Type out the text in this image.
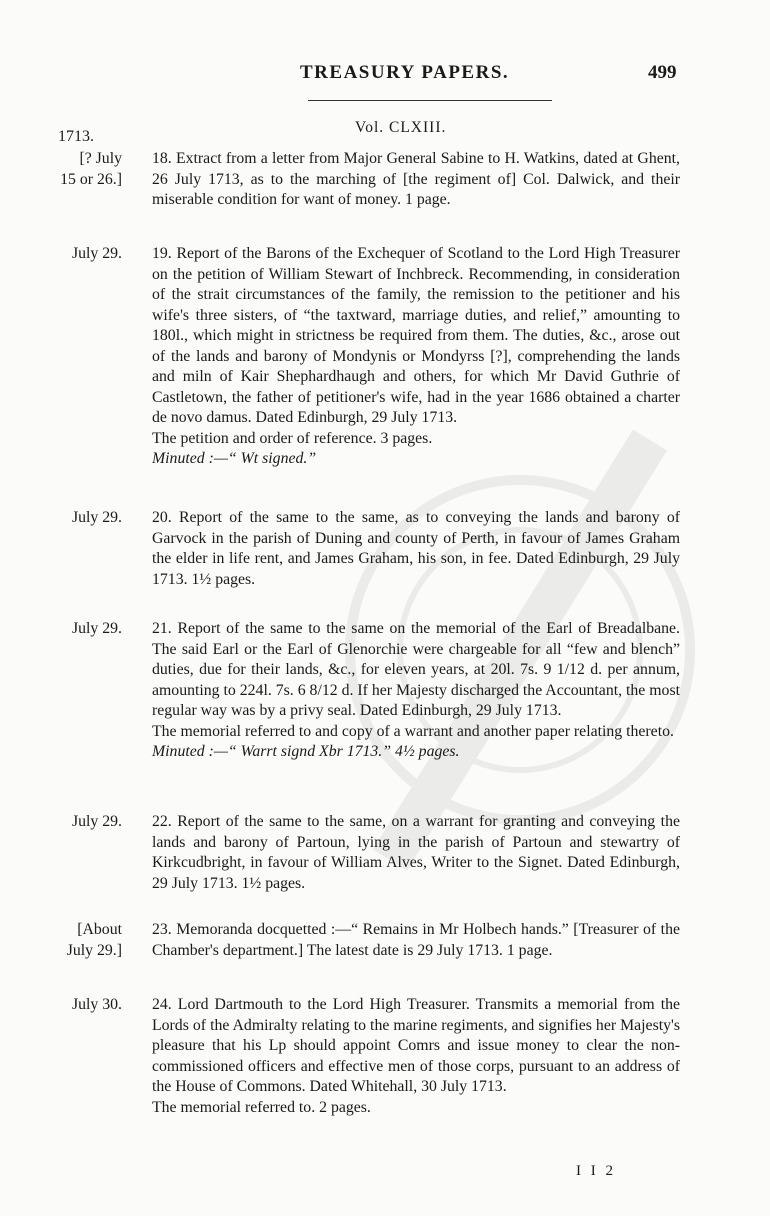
TREASURY PAPERS.	499
Vol. CLXIII.
1713.
[? July
15 or 26.]

18. Extract from a letter from Major General Sabine to H. Watkins, dated at Ghent, 26 July 1713, as to the marching of [the regiment of] Col. Dalwick, and their miserable condition for want of money. 1 page.

July 29. 19. Report of the Barons of the Exchequer of Scotland to the Lord High Treasurer on the petition of William Stewart of Inchbreck. Recommending, in consideration of the strait circumstances of the family, the remission to the petitioner and his wife's three sisters, of “the taxtward, marriage duties, and relief,” amounting to 180l., which might in strictness be required from them. The duties, &c., arose out of the lands and barony of Mondynis or Mondyrss [?], comprehending the lands and miln of Kair Shephardhaugh and others, for which Mr David Guthrie of Castletown, the father of petitioner's wife, had in the year 1686 obtained a charter de novo damus. Dated Edinburgh, 29 July 1713.

The petition and order of reference. 3 pages.

Minuted :—“ Wt signed.”

July 29. 20. Report of the same to the same, as to conveying the lands and barony of Garvock in the parish of Duning and county of Perth, in favour of James Graham the elder in life rent, and James Graham, his son, in fee. Dated Edinburgh, 29 July 1713. 1½ pages.

July 29. 21. Report of the same to the same on the memorial of the Earl of Breadalbane. The said Earl or the Earl of Glenorchie were chargeable for all “few and blench” duties, due for their lands, &c., for eleven years, at 20l. 7s. 9 1/12 d. per annum, amounting to 224l. 7s. 6 8/12 d. If her Majesty discharged the Accountant, the most regular way was by a privy seal. Dated Edinburgh, 29 July 1713.

The memorial referred to and copy of a warrant and another paper relating thereto.

Minuted :—“ Warrt signd Xbr 1713.” 4½ pages.

July 29. 22. Report of the same to the same, on a warrant for granting and conveying the lands and barony of Partoun, lying in the parish of Partoun and stewartry of Kirkcudbright, in favour of William Alves, Writer to the Signet. Dated Edinburgh, 29 July 1713. 1½ pages.

[About
July 29.]

23. Memoranda docquetted :—“ Remains in Mr Holbech hands.” [Treasurer of the Chamber's department.] The latest date is 29 July 1713. 1 page.

July 30. 24. Lord Dartmouth to the Lord High Treasurer. Transmits a memorial from the Lords of the Admiralty relating to the marine regiments, and signifies her Majesty's pleasure that his Lp should appoint Comrs and issue money to clear the non-commissioned officers and effective men of those corps, pursuant to an address of the House of Commons. Dated Whitehall, 30 July 1713.

The memorial referred to. 2 pages.

I I 2
